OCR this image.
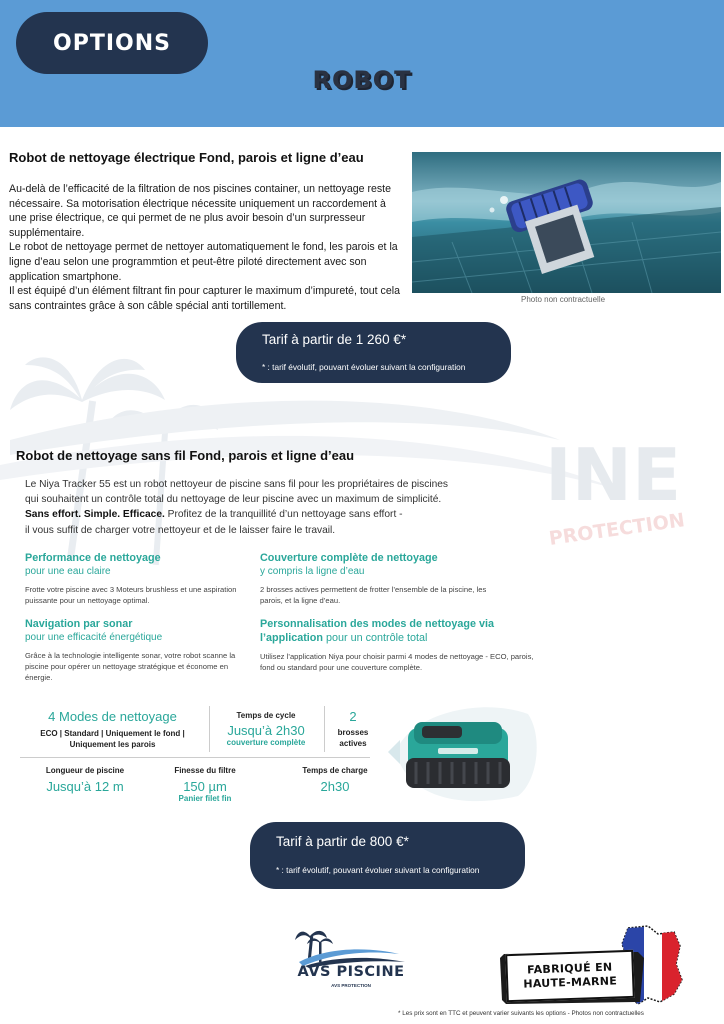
OPTIONS
ROBOT
INE
PROTECTION
Robot de nettoyage électrique Fond, parois et ligne d’eau

Au-delà de l’efficacité de la filtration de nos piscines container, un nettoyage reste nécessaire. Sa motorisation électrique nécessite uniquement un raccordement à une prise électrique, ce qui permet de ne plus avoir besoin d’un surpresseur supplémentaire.

Le robot de nettoyage permet de nettoyer automatiquement le fond, les parois et la ligne d’eau selon une programmtion et peut-être piloté directement avec son application smartphone.

Il est équipé d’un élément filtrant fin pour capturer le maximum d’impureté, tout cela sans contraintes grâce à son câble spécial anti tortillement.

Photo non contractuelle
Tarif à partir de 1 260 €*
* : tarif évolutif, pouvant évoluer suivant la configuration
Robot de nettoyage sans fil Fond, parois et ligne d’eau
Le Niya Tracker 55 est un robot nettoyeur de piscine sans fil pour les propriétaires de piscines
qui souhaitent un contrôle total du nettoyage de leur piscine avec un maximum de simplicité.
Sans effort. Simple. Efficace. Profitez de la tranquillité d’un nettoyage sans effort -
il vous suffit de charger votre nettoyeur et de le laisser faire le travail.
Performance de nettoyage
pour une eau claire
Frotte votre piscine avec 3 Moteurs brushless et une aspiration puissante pour un nettoyage optimal.
Couverture complète de nettoyage
y compris la ligne d’eau
2 brosses actives permettent de frotter l’ensemble de la piscine, les parois, et la ligne d’eau.
Navigation par sonar
pour une efficacité énergétique
Grâce à la technologie intelligente sonar, votre robot scanne la piscine pour opérer un nettoyage stratégique et économe en énergie.
Personnalisation des modes de nettoyage via
l’application pour un contrôle total
Utilisez l’application Niya pour choisir parmi 4 modes de nettoyage - ECO, parois, fond ou standard pour une couverture complète.
4 Modes de nettoyage
ECO | Standard | Uniquement le fond |
Uniquement les parois
Temps de cycle
Jusqu’à 2h30
couverture complète
2
brosses
actives
Longueur de piscine
Jusqu’à 12 m
Finesse du filtre
150 µm
Panier filet fin
Temps de charge
2h30
Tarif à partir de 800 €*
* : tarif évolutif, pouvant évoluer suivant la configuration
AVS PISCINE
AVS PROTECTION
FABRIQUÉ EN
HAUTE-MARNE
* Les prix sont en TTC et peuvent varier suivants les options - Photos non contractuelles
